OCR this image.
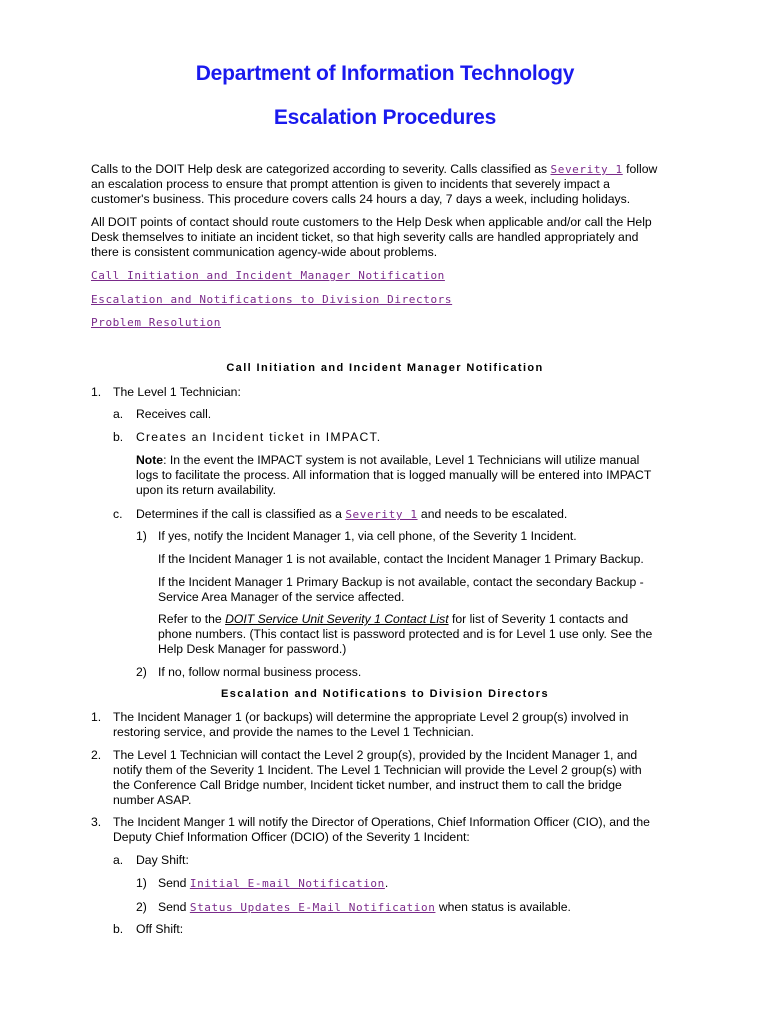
Department of Information Technology
Escalation Procedures
Calls to the DOIT Help desk are categorized according to severity. Calls classified as Severity 1 follow
an escalation process to ensure that prompt attention is given to incidents that severely impact a
customer's business. This procedure covers calls 24 hours a day, 7 days a week, including holidays.
All DOIT points of contact should route customers to the Help Desk when applicable and/or call the Help
Desk themselves to initiate an incident ticket, so that high severity calls are handled appropriately and
there is consistent communication agency-wide about problems.
Call Initiation and Incident Manager Notification
Escalation and Notifications to Division Directors
Problem Resolution
Call Initiation and Incident Manager Notification
1. The Level 1 Technician:
a. Receives call.
b. Creates an Incident ticket in IMPACT.
Note: In the event the IMPACT system is not available, Level 1 Technicians will utilize manual
logs to facilitate the process. All information that is logged manually will be entered into IMPACT
upon its return availability.
c. Determines if the call is classified as a Severity 1 and needs to be escalated.
1) If yes, notify the Incident Manager 1, via cell phone, of the Severity 1 Incident.
If the Incident Manager 1 is not available, contact the Incident Manager 1 Primary Backup.
If the Incident Manager 1 Primary Backup is not available, contact the secondary Backup -
Service Area Manager of the service affected.
Refer to the DOIT Service Unit Severity 1 Contact List for list of Severity 1 contacts and
phone numbers. (This contact list is password protected and is for Level 1 use only. See the
Help Desk Manager for password.)
2) If no, follow normal business process.
Escalation and Notifications to Division Directors
1. The Incident Manager 1 (or backups) will determine the appropriate Level 2 group(s) involved in
restoring service, and provide the names to the Level 1 Technician.
2. The Level 1 Technician will contact the Level 2 group(s), provided by the Incident Manager 1, and
notify them of the Severity 1 Incident. The Level 1 Technician will provide the Level 2 group(s) with
the Conference Call Bridge number, Incident ticket number, and instruct them to call the bridge
number ASAP.
3. The Incident Manger 1 will notify the Director of Operations, Chief Information Officer (CIO), and the
Deputy Chief Information Officer (DCIO) of the Severity 1 Incident:
a. Day Shift:
1) Send Initial E-mail Notification.
2) Send Status Updates E-Mail Notification when status is available.
b. Off Shift:
